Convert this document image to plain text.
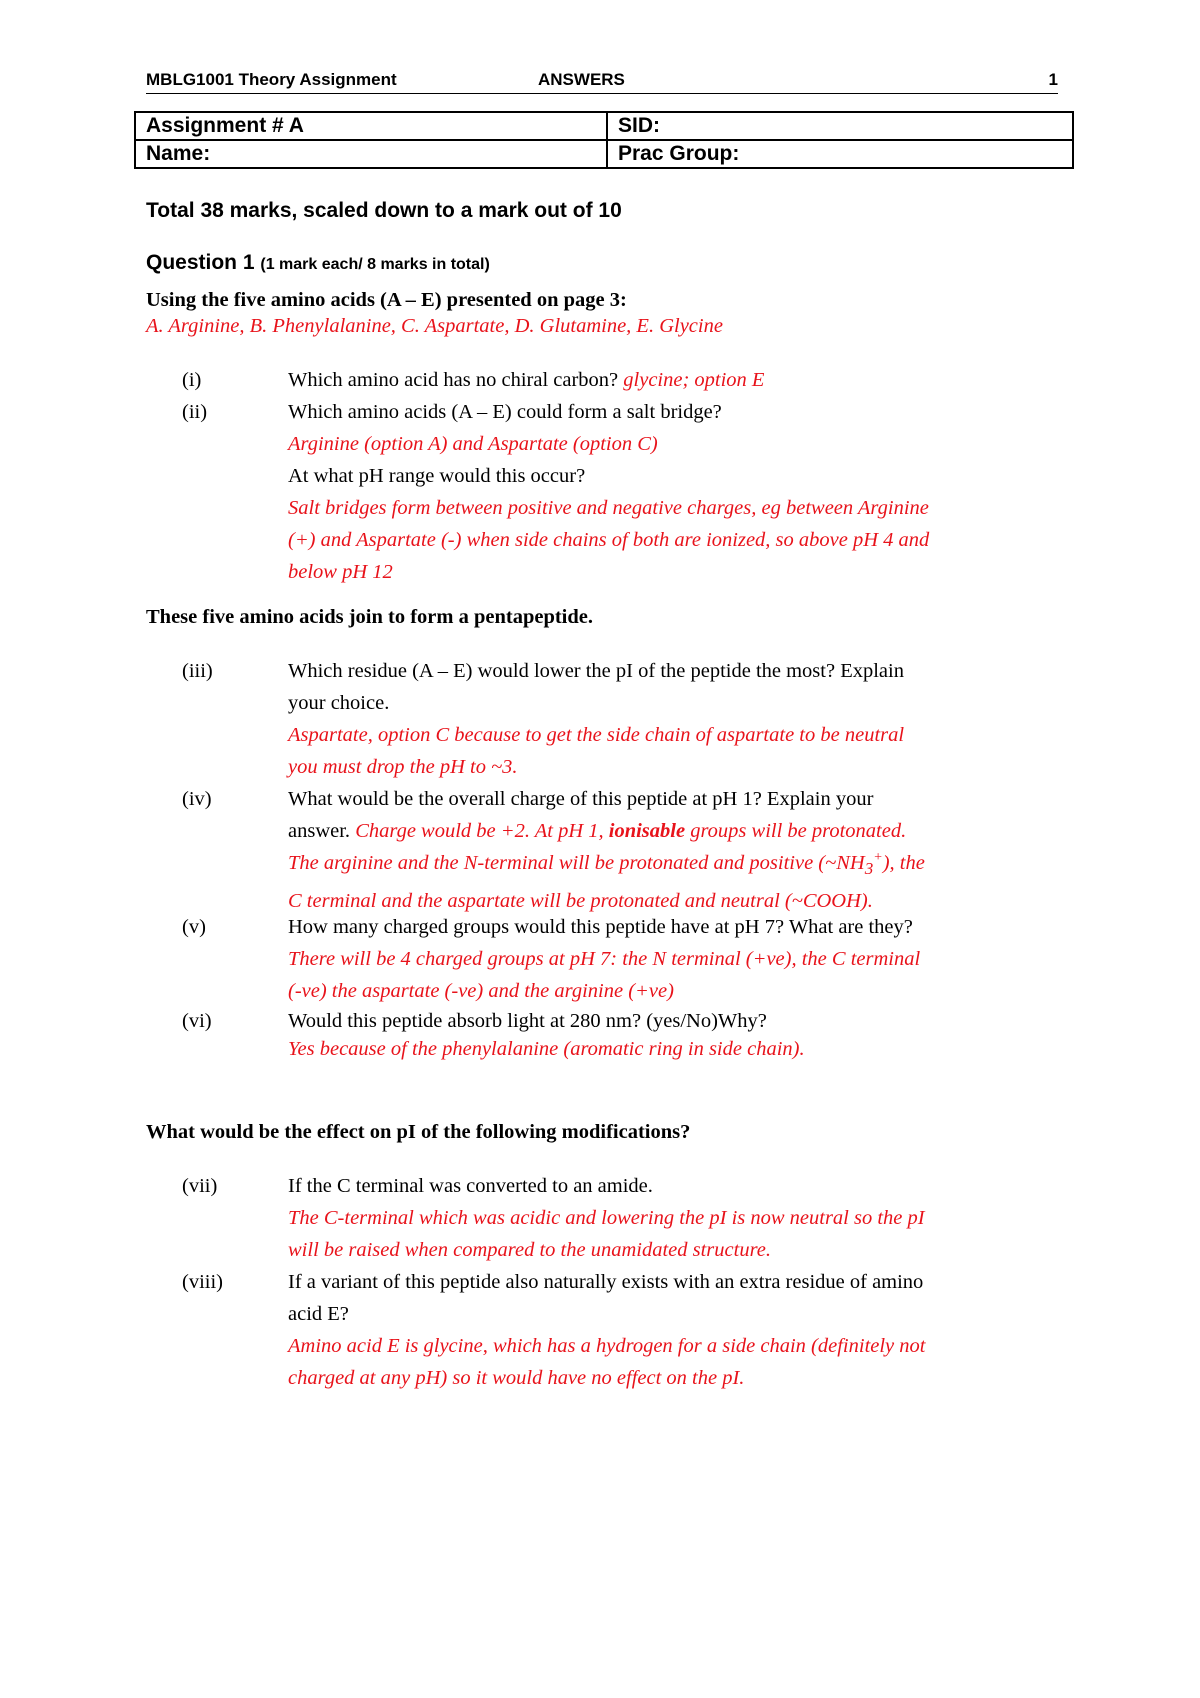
MBLG1001 Theory Assignment	ANSWERS	1
Assignment # A	SID:
Name:	Prac Group:
Total 38 marks, scaled down to a mark out of 10
Question 1 (1 mark each/ 8 marks in total)
Using the five amino acids (A – E) presented on page 3:
A. Arginine, B. Phenylalanine, C. Aspartate, D. Glutamine, E. Glycine
(i)	Which amino acid has no chiral carbon? glycine; option E
(ii)	Which amino acids (A – E) could form a salt bridge?
Arginine (option A) and Aspartate (option C)
At what pH range would this occur?
Salt bridges form between positive and negative charges, eg between Arginine
(+) and Aspartate (-) when side chains of both are ionized, so above pH 4 and
below pH 12
These five amino acids join to form a pentapeptide.
(iii)	Which residue (A – E) would lower the pI of the peptide the most? Explain
your choice.
Aspartate, option C because to get the side chain of aspartate to be neutral
you must drop the pH to ~3.
(iv)	What would be the overall charge of this peptide at pH 1? Explain your
answer. Charge would be +2. At pH 1, ionisable groups will be protonated.
The arginine and the N-terminal will be protonated and positive $(\sim NH_3^+)$, the
C terminal and the aspartate will be protonated and neutral (~COOH).
(v)	How many charged groups would this peptide have at pH 7? What are they?
There will be 4 charged groups at pH 7: the N terminal (+ve), the C terminal
(-ve) the aspartate (-ve) and the arginine (+ve)
(vi)	Would this peptide absorb light at 280 nm? (yes/No)Why?
Yes because of the phenylalanine (aromatic ring in side chain).
What would be the effect on pI of the following modifications?
(vii)	If the C terminal was converted to an amide.
The C-terminal which was acidic and lowering the pI is now neutral so the pI
will be raised when compared to the unamidated structure.
(viii)	If a variant of this peptide also naturally exists with an extra residue of amino
acid E?
Amino acid E is glycine, which has a hydrogen for a side chain (definitely not
charged at any pH) so it would have no effect on the pI.
